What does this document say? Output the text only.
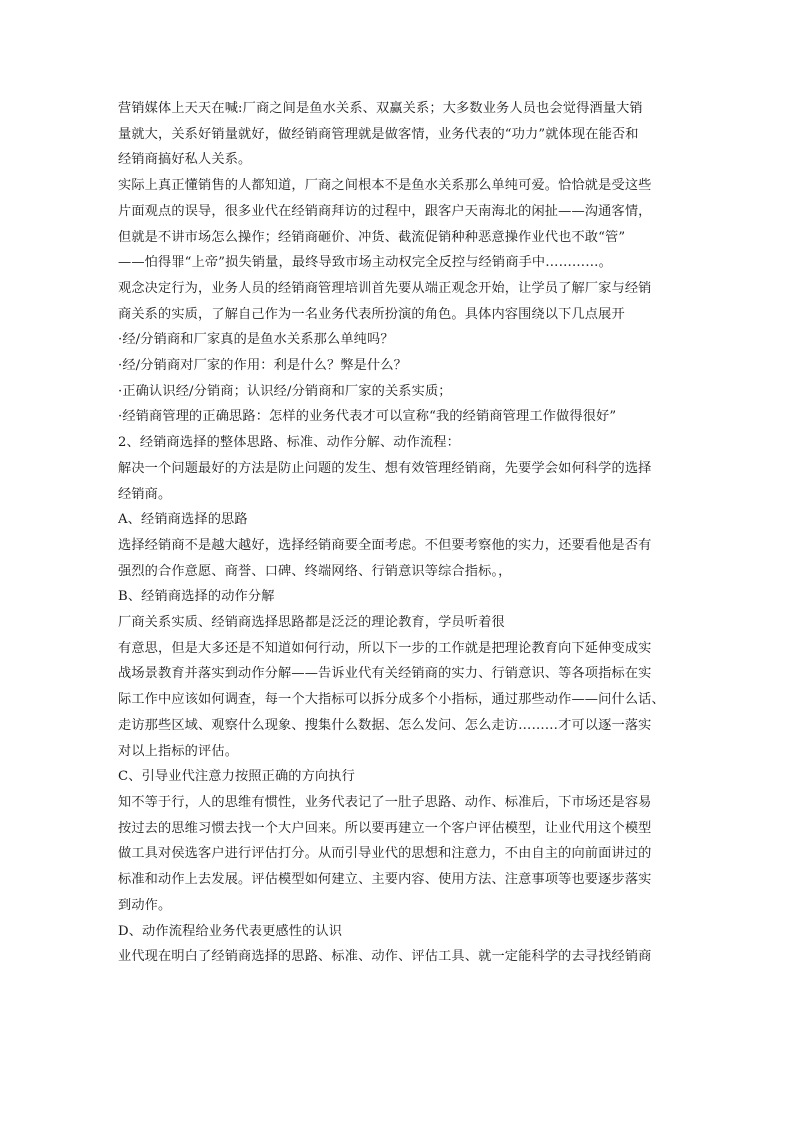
营销媒体上天天在喊:厂商之间是鱼水关系、双赢关系；大多数业务人员也会觉得酒量大销
量就大，关系好销量就好，做经销商管理就是做客情，业务代表的“功力”就体现在能否和
经销商搞好私人关系。
实际上真正懂销售的人都知道，厂商之间根本不是鱼水关系那么单纯可爱。恰恰就是受这些
片面观点的误导，很多业代在经销商拜访的过程中，跟客户天南海北的闲扯——沟通客情，
但就是不讲市场怎么操作；经销商砸价、冲货、截流促销种种恶意操作业代也不敢“管”
——怕得罪“上帝”损失销量，最终导致市场主动权完全反控与经销商手中…………。
观念决定行为，业务人员的经销商管理培训首先要从端正观念开始，让学员了解厂家与经销
商关系的实质，了解自己作为一名业务代表所扮演的角色。具体内容围绕以下几点展开
·经/分销商和厂家真的是鱼水关系那么单纯吗？
·经/分销商对厂家的作用：利是什么？弊是什么？
·正确认识经/分销商；认识经/分销商和厂家的关系实质；
·经销商管理的正确思路：怎样的业务代表才可以宣称“我的经销商管理工作做得很好”
2、经销商选择的整体思路、标准、动作分解、动作流程：
解决一个问题最好的方法是防止问题的发生、想有效管理经销商，先要学会如何科学的选择
经销商。
A、经销商选择的思路
选择经销商不是越大越好，选择经销商要全面考虑。不但要考察他的实力，还要看他是否有
强烈的合作意愿、商誉、口碑、终端网络、行销意识等综合指标。，
B、经销商选择的动作分解
厂商关系实质、经销商选择思路都是泛泛的理论教育，学员听着很
有意思，但是大多还是不知道如何行动，所以下一步的工作就是把理论教育向下延伸变成实
战场景教育并落实到动作分解——告诉业代有关经销商的实力、行销意识、等各项指标在实
际工作中应该如何调查，每一个大指标可以拆分成多个小指标，通过那些动作——问什么话、
走访那些区域、观察什么现象、搜集什么数据、怎么发问、怎么走访………才可以逐一落实
对以上指标的评估。
C、引导业代注意力按照正确的方向执行
知不等于行，人的思维有惯性，业务代表记了一肚子思路、动作、标准后，下市场还是容易
按过去的思维习惯去找一个大户回来。所以要再建立一个客户评估模型，让业代用这个模型
做工具对侯选客户进行评估打分。从而引导业代的思想和注意力，不由自主的向前面讲过的
标准和动作上去发展。评估模型如何建立、主要内容、使用方法、注意事项等也要逐步落实
到动作。
D、动作流程给业务代表更感性的认识
业代现在明白了经销商选择的思路、标准、动作、评估工具、就一定能科学的去寻找经销商
